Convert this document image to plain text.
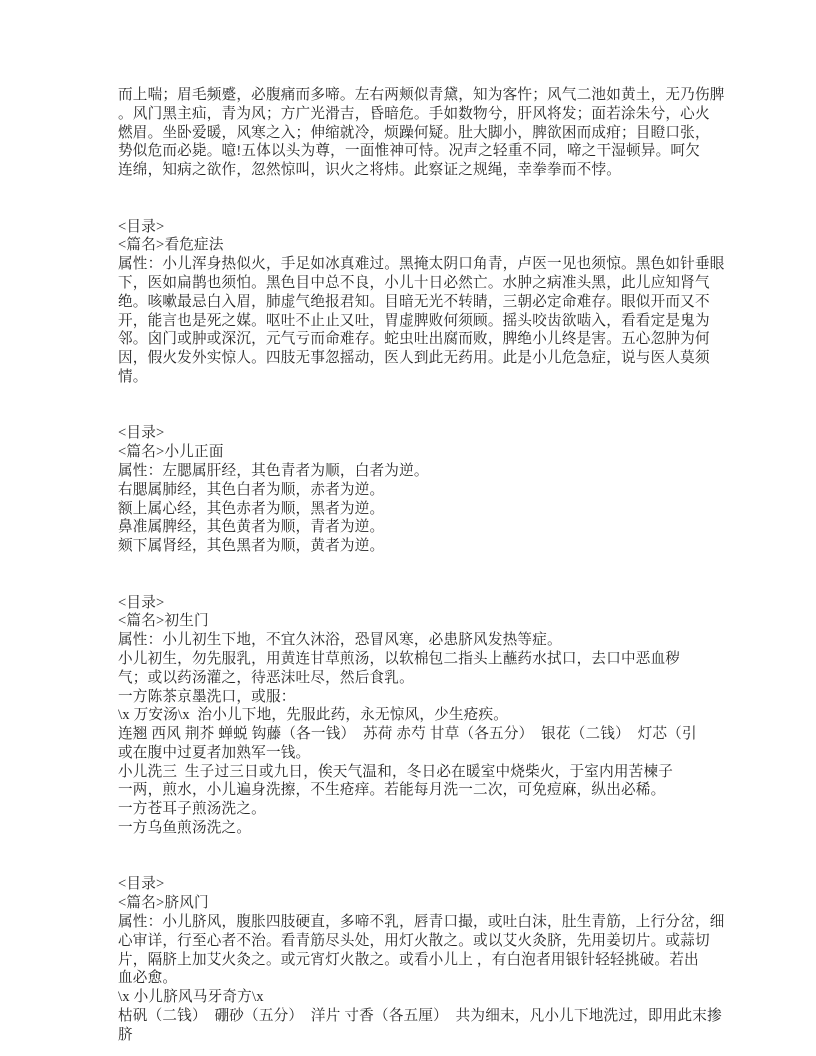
而上喘；眉毛频蹙，必腹痛而多啼。左右两颊似青黛，知为客忤；风气二池如黄土，无乃伤脾
。风门黑主疝，青为风；方广光滑吉，昏暗危。手如数物兮，肝风将发；面若涂朱兮，心火
燃眉。坐卧爱暖，风寒之入；伸缩就冷，烦躁何疑。肚大脚小，脾欲困而成疳；目瞪口张，
势似危而必毙。噫!五体以头为尊，一面惟神可恃。况声之轻重不同，啼之干湿顿异。呵欠
连绵，知病之欲作，忽然惊叫，识火之将炜。此察证之规绳，幸拳拳而不悖。
<目录>
<篇名>看危症法
属性：小儿浑身热似火，手足如冰真难过。黑掩太阴口角青，卢医一见也须惊。黑色如针垂眼
下，医如扁鹊也须怕。黑色目中总不良，小儿十日必然亡。水肿之病准头黑，此儿应知肾气
绝。咳嗽最忌白入眉，肺虚气绝报君知。目暗无光不转睛，三朝必定命难存。眼似开而又不
开，能言也是死之媒。呕吐不止止又吐，胃虚脾败何须顾。摇头咬齿欲啮入，看看定是鬼为
邻。囟门或肿或深沉，元气亏而命难存。蛇虫吐出腐而败，脾绝小儿终是害。五心忽肿为何
因，假火发外实惊人。四肢无事忽摇动，医人到此无药用。此是小儿危急症，说与医人莫须
情。
<目录>
<篇名>小儿正面
属性：左腮属肝经，其色青者为顺，白者为逆。
右腮属肺经，其色白者为顺，赤者为逆。
额上属心经，其色赤者为顺，黑者为逆。
鼻准属脾经，其色黄者为顺，青者为逆。
颏下属肾经，其色黑者为顺，黄者为逆。
<目录>
<篇名>初生门
属性：小儿初生下地，不宜久沐浴，恐冒风寒，必患脐风发热等症。
小儿初生，勿先服乳，用黄连甘草煎汤，以软棉包二指头上蘸药水拭口，去口中恶血秽
气；或以药汤灌之，待恶沫吐尽，然后食乳。
一方陈茶京墨洗口，或服：
\x 万安汤\x  治小儿下地，先服此药，永无惊风，少生疮疾。
连翘 西风 荆芥 蝉蜕 钩藤（各一钱）  苏荷 赤芍 甘草（各五分）  银花（二钱）  灯芯（引
或在腹中过夏者加熟军一钱。
小儿洗三  生子过三日或九日，俟天气温和，冬日必在暖室中烧柴火，于室内用苦楝子
一两，煎水，小儿遍身洗擦，不生疮痒。若能每月洗一二次，可免痘麻，纵出必稀。
一方苍耳子煎汤洗之。
一方乌鱼煎汤洗之。
<目录>
<篇名>脐风门
属性：小儿脐风，腹胀四肢硬直，多啼不乳，唇青口撮，或吐白沫，肚生青筋，上行分岔，细
心审详，行至心者不治。看青筋尽头处，用灯火散之。或以艾火灸脐，先用姜切片。或蒜切
片，隔脐上加艾火灸之。或元宵灯火散之。或看小儿上 ，有白泡者用银针轻轻挑破。若出
血必愈。
\x 小儿脐风马牙奇方\x
枯矾（二钱）  硼砂（五分）  洋片 寸香（各五厘）  共为细末，凡小儿下地洗过，即用此末掺
脐
